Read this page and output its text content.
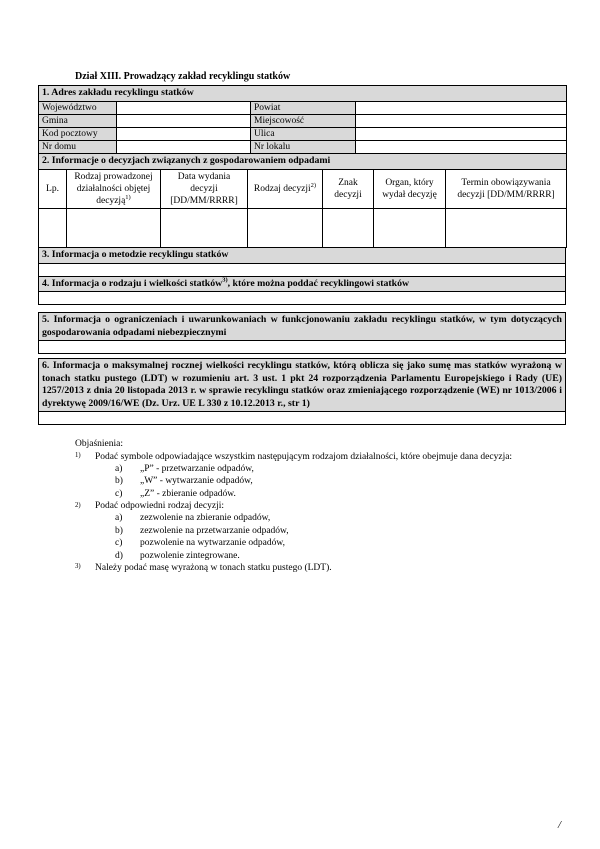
Dział XIII. Prowadzący zakład recyklingu statków
1. Adres zakładu recyklingu statków			
Województwo		Powiat	
Gmina		Miejscowość	
Kod pocztowy		Ulica	
Nr domu		Nr lokalu	
2. Informacje o decyzjach związanych z gospodarowaniem odpadami						
Lp.	Rodzaj prowadzonej działalności objętej decyzją$^{1)}$	Data wydania decyzji [DD/MM/RRRR]	Rodzaj decyzji$^{2)}$	Znak decyzji	Organ, który wydał decyzję	Termin obowiązywania decyzji [DD/MM/RRRR]

3. Informacja o metodzie recyklingu statków

4. Informacja o rodzaju i wielkości statków$^{3)}$, które można poddać recyklingowi statków

5. Informacja o ograniczeniach i uwarunkowaniach w funkcjonowaniu zakładu recyklingu statków, w tym dotyczących gospodarowania odpadami niebezpiecznymi

6. Informacja o maksymalnej rocznej wielkości recyklingu statków, którą oblicza się jako sumę mas statków wyrażoną w tonach statku pustego (LDT) w rozumieniu art. 3 ust. 1 pkt 24 rozporządzenia Parlamentu Europejskiego i Rady (UE) 1257/2013 z dnia 20 listopada 2013 r. w sprawie recyklingu statków oraz zmieniającego rozporządzenie (WE) nr 1013/2006 i dyrektywę 2009/16/WE (Dz. Urz. UE L 330 z 10.12.2013 r., str 1)

Objaśnienia:
1)	Podać symbole odpowiadające wszystkim następującym rodzajom działalności, które obejmuje dana decyzja:
a)	„P” - przetwarzanie odpadów,
b)	„W” - wytwarzanie odpadów,
c)	„Z” - zbieranie odpadów.
2)	Podać odpowiedni rodzaj decyzji:
a)	zezwolenie na zbieranie odpadów,
b)	zezwolenie na przetwarzanie odpadów,
c)	pozwolenie na wytwarzanie odpadów,
d)	pozwolenie zintegrowane.
3)	Należy podać masę wyrażoną w tonach statku pustego (LDT).
/
